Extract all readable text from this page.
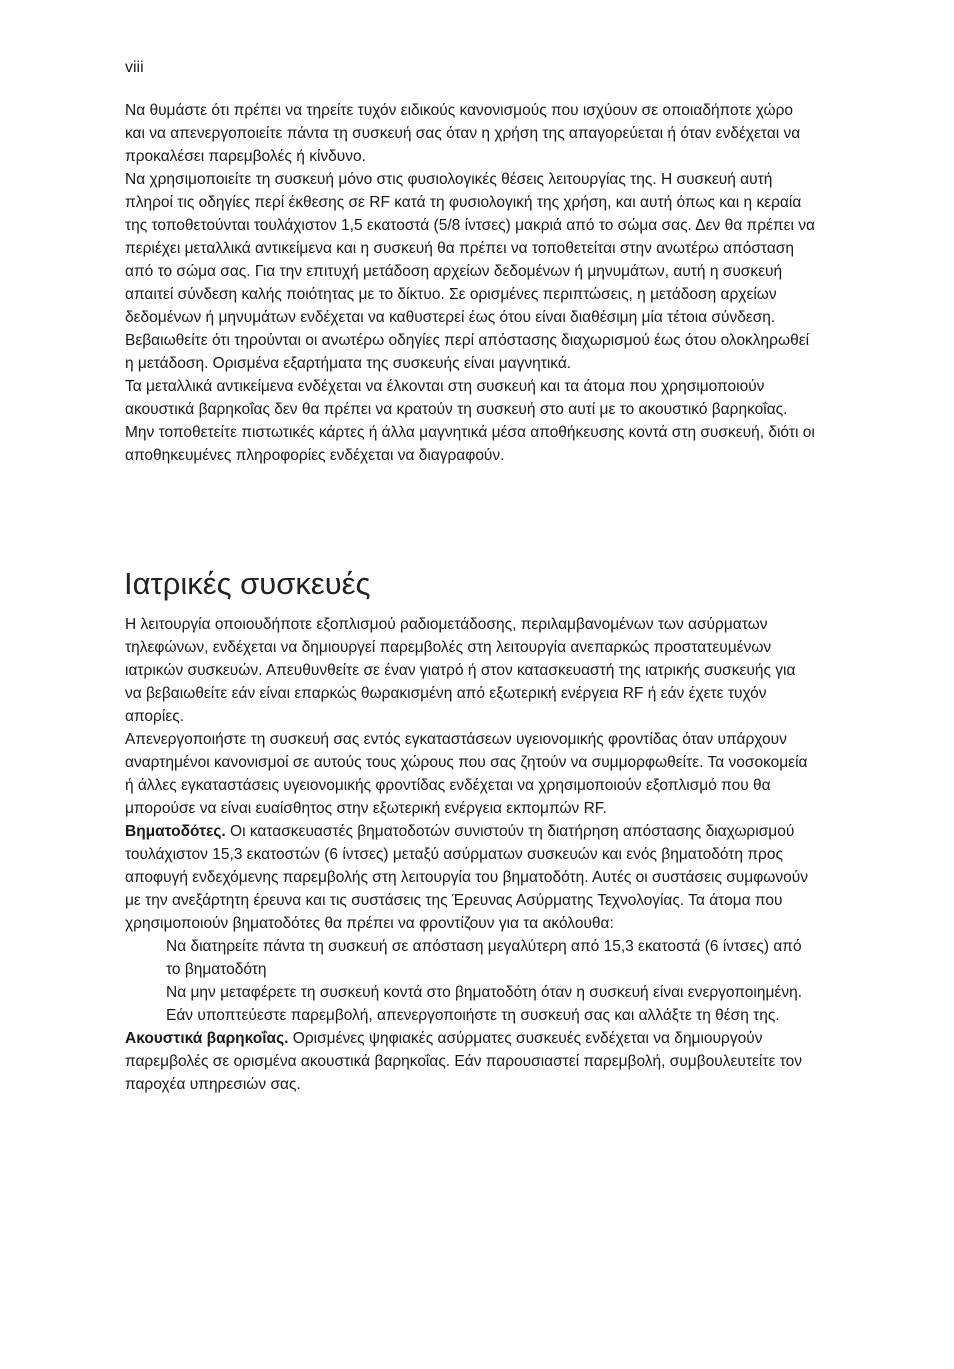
viii

Να θυμάστε ότι πρέπει να τηρείτε τυχόν ειδικούς κανονισμούς που ισχύουν σε οποιαδήποτε χώρο και να απενεργοποιείτε πάντα τη συσκευή σας όταν η χρήση της απαγορεύεται ή όταν ενδέχεται να προκαλέσει παρεμβολές ή κίνδυνο.

Να χρησιμοποιείτε τη συσκευή μόνο στις φυσιολογικές θέσεις λειτουργίας της. Η συσκευή αυτή πληροί τις οδηγίες περί έκθεσης σε RF κατά τη φυσιολογική της χρήση, και αυτή όπως και η κεραία της τοποθετούνται τουλάχιστον 1,5 εκατοστά (5/8 ίντσες) μακριά από το σώμα σας. Δεν θα πρέπει να περιέχει μεταλλικά αντικείμενα και η συσκευή θα πρέπει να τοποθετείται στην ανωτέρω απόσταση από το σώμα σας. Για την επιτυχή μετάδοση αρχείων δεδομένων ή μηνυμάτων, αυτή η συσκευή απαιτεί σύνδεση καλής ποιότητας με το δίκτυο. Σε ορισμένες περιπτώσεις, η μετάδοση αρχείων δεδομένων ή μηνυμάτων ενδέχεται να καθυστερεί έως ότου είναι διαθέσιμη μία τέτοια σύνδεση. Βεβαιωθείτε ότι τηρούνται οι ανωτέρω οδηγίες περί απόστασης διαχωρισμού έως ότου ολοκληρωθεί η μετάδοση. Ορισμένα εξαρτήματα της συσκευής είναι μαγνητικά.

Τα μεταλλικά αντικείμενα ενδέχεται να έλκονται στη συσκευή και τα άτομα που χρησιμοποιούν ακουστικά βαρηκοΐας δεν θα πρέπει να κρατούν τη συσκευή στο αυτί με το ακουστικό βαρηκοΐας. Μην τοποθετείτε πιστωτικές κάρτες ή άλλα μαγνητικά μέσα αποθήκευσης κοντά στη συσκευή, διότι οι αποθηκευμένες πληροφορίες ενδέχεται να διαγραφούν.

Ιατρικές συσκευές

Η λειτουργία οποιουδήποτε εξοπλισμού ραδιομετάδοσης, περιλαμβανομένων των ασύρματων τηλεφώνων, ενδέχεται να δημιουργεί παρεμβολές στη λειτουργία ανεπαρκώς προστατευμένων ιατρικών συσκευών. Απευθυνθείτε σε έναν γιατρό ή στον κατασκευαστή της ιατρικής συσκευής για να βεβαιωθείτε εάν είναι επαρκώς θωρακισμένη από εξωτερική ενέργεια RF ή εάν έχετε τυχόν απορίες.

Απενεργοποιήστε τη συσκευή σας εντός εγκαταστάσεων υγειονομικής φροντίδας όταν υπάρχουν αναρτημένοι κανονισμοί σε αυτούς τους χώρους που σας ζητούν να συμμορφωθείτε. Τα νοσοκομεία ή άλλες εγκαταστάσεις υγειονομικής φροντίδας ενδέχεται να χρησιμοποιούν εξοπλισμό που θα μπορούσε να είναι ευαίσθητος στην εξωτερική ενέργεια εκπομπών RF.

Βηματοδότες. Οι κατασκευαστές βηματοδοτών συνιστούν τη διατήρηση απόστασης διαχωρισμού τουλάχιστον 15,3 εκατοστών (6 ίντσες) μεταξύ ασύρματων συσκευών και ενός βηματοδότη προς αποφυγή ενδεχόμενης παρεμβολής στη λειτουργία του βηματοδότη. Αυτές οι συστάσεις συμφωνούν με την ανεξάρτητη έρευνα και τις συστάσεις της Έρευνας Ασύρματης Τεχνολογίας. Τα άτομα που χρησιμοποιούν βηματοδότες θα πρέπει να φροντίζουν για τα ακόλουθα:

Να διατηρείτε πάντα τη συσκευή σε απόσταση μεγαλύτερη από 15,3 εκατοστά (6 ίντσες) από το βηματοδότη

Να μην μεταφέρετε τη συσκευή κοντά στο βηματοδότη όταν η συσκευή είναι ενεργοποιημένη. Εάν υποπτεύεστε παρεμβολή, απενεργοποιήστε τη συσκευή σας και αλλάξτε τη θέση της.

Ακουστικά βαρηκοΐας. Ορισμένες ψηφιακές ασύρματες συσκευές ενδέχεται να δημιουργούν παρεμβολές σε ορισμένα ακουστικά βαρηκοΐας. Εάν παρουσιαστεί παρεμβολή, συμβουλευτείτε τον παροχέα υπηρεσιών σας.
